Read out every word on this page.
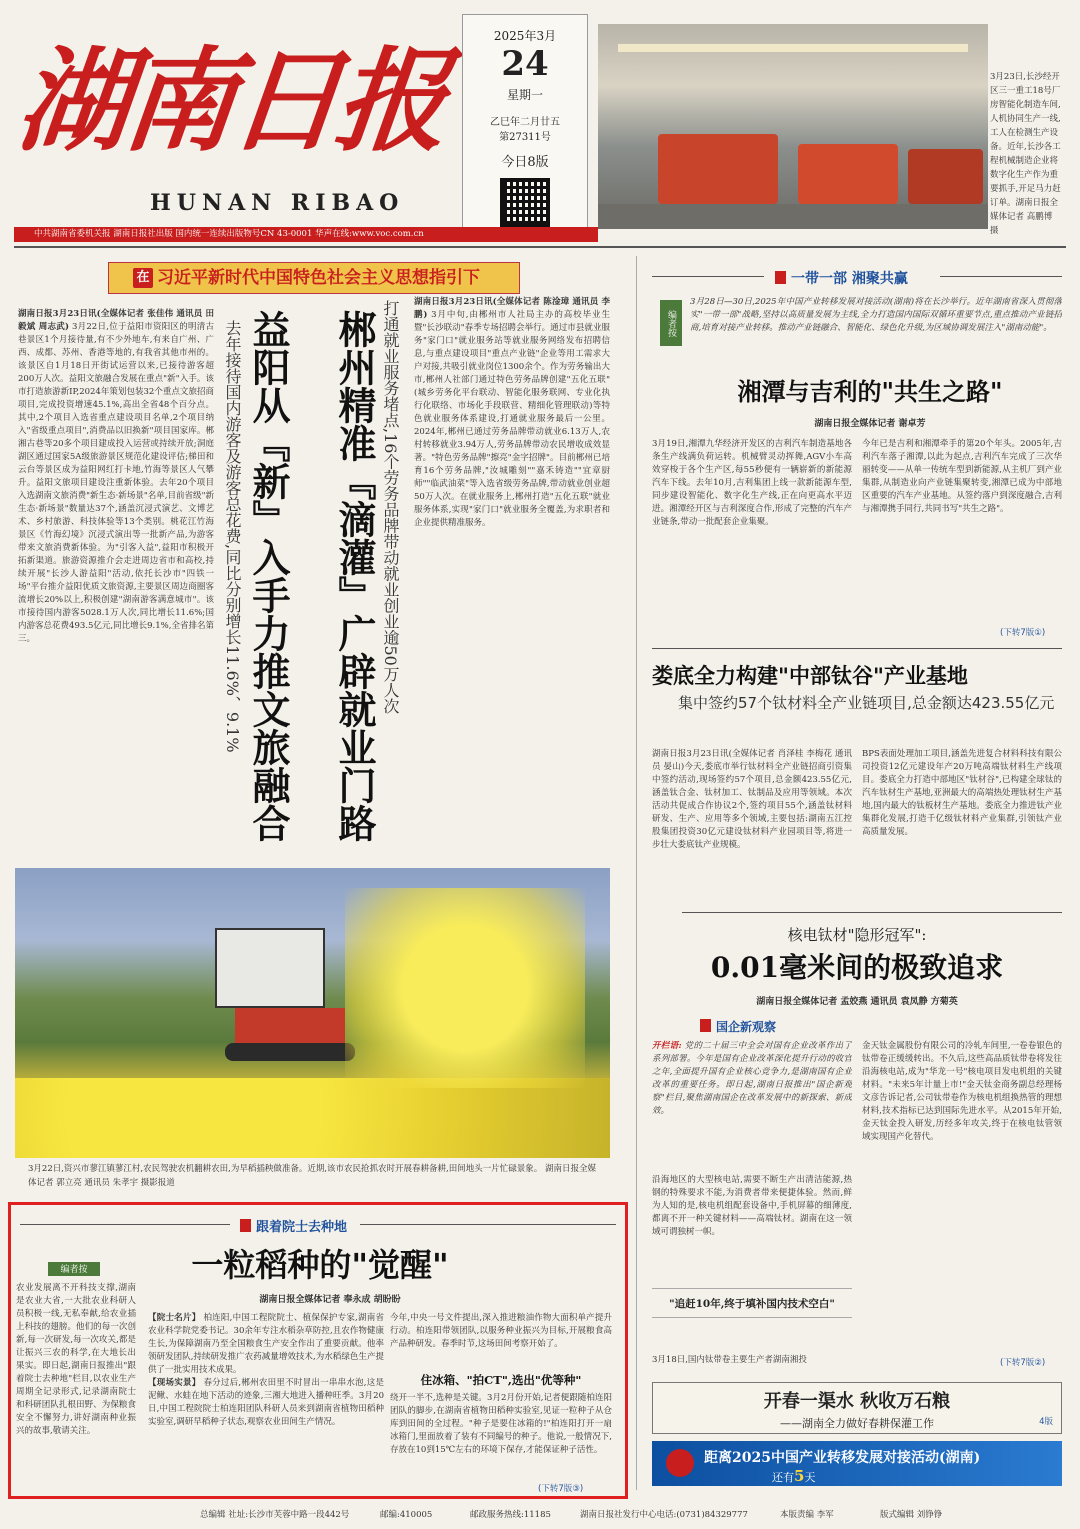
湖南日报
HUNAN RIBAO
2025年3月
24
星期一
乙巳年二月廿五
第27311号
今日8版
中共湖南省委机关报 湖南日报社出版 国内统一连续出版物号CN 43-0001 华声在线:www.voc.com.cn
3月23日,长沙经开区三一重工18号厂房智能化制造车间,人机协同生产一线,工人在检测生产设备。近年,长沙各工程机械制造企业将数字化生产作为重要抓手,开足马力赶订单。湖南日报全媒体记者 高鹏博 摄
在 习近平新时代中国特色社会主义思想指引下
湖南日报3月23日讯(全媒体记者 张佳伟 通讯员 田毅斌 周志武) 3月22日,位于益阳市资阳区的明清古巷景区1个月接待量,有不少外地车,有来自广州、广西、成都、苏州、香港等地的,有我省其他市州的。该景区自1月18日开街试运营以来,已接待游客超200万人次。益阳文旅融合发展在重点"新"入手。该市打造旅游新IP,2024年策划包装32个重点文旅招商项目,完成投资增速45.1%,高出全省48个百分点。其中,2个项目入选省重点建设项目名单,2个项目纳入"省级重点项目",消费品以旧换新"项目国家库。郴湘古巷等20多个项目建成投入运营或持续开放;洞庭湖区通过国家5A级旅游景区规范化建设评估;梯田和云台等景区成为益阳网红打卡地,竹海等景区人气攀升。益阳文旅项目建设注重新体验。去年20个项目入选湖南文旅消费"新生态·新场景"名单,目前省级"新生态·新场景"数量达37个,涵盖沉浸式演艺、文博艺术、乡村旅游、科技体验等13个类别。桃花江竹海景区《竹海幻境》沉浸式演出等一批新产品,为游客带来文旅消费新体验。为"引客入益",益阳市积极开拓新渠道。旅游资源推介会走进周边省市和高校,持续开展"长沙人游益阳"活动,依托长沙市"四铁一场"平台推介益阳优质文旅资源,主要景区周边商圈客流增长20%以上,积极创建"湖南游客满意城市"。该市接待国内游客5028.1万人次,同比增长11.6%;国内游客总花费493.5亿元,同比增长9.1%,全省排名第三。	益阳从『新』入手力推文旅融合
去年接待国内游客及游客总花费,同比分别增长11.6%、9.1% 郴州精准『滴灌』广辟就业门路 打通就业服务堵点,16个劳务品牌带动就业创业逾50万人次 湖南日报3月23日讯(全媒体记者 陈淦璋 通讯员 李鹏) 3月中旬,由郴州市人社局主办的高校毕业生暨"长沙联动"春季专场招聘会举行。通过市县就业服务"家门口"就业服务站等就业服务网络发布招聘信息,与重点建设项目"重点产业链"企业等用工需求大户对接,共吸引就业岗位1300余个。作为劳务输出大市,郴州人社部门通过特色劳务品牌创建"五化五联"(城乡劳务化平台联动、智能化服务联网、专业化执行化联络、市场化手段联营、精细化管理联动)等特色就业服务体系建设,打通就业服务最后一公里。2024年,郴州已通过劳务品牌带动就业6.13万人,农村转移就业3.94万人,劳务品牌带动农民增收成效显著。"特色劳务品牌"擦亮"金字招牌"。目前郴州已培育16个劳务品牌,"汝城雕刻""嘉禾铸造""宜章厨师""临武油菜"等入选省级劳务品牌,带动就业创业超50万人次。在就业服务上,郴州打造"五化五联"就业服务体系,实现"家门口"就业服务全覆盖,为求职者和企业提供精准服务。
3月22日,资兴市蓼江镇蓼江村,农民驾驶农机翻耕农田,为早稻插秧做准备。近期,该市农民抢抓农时开展春耕备耕,田间地头一片忙碌景象。 湖南日报全媒体记者 郭立亮 通讯员 朱孝宇 摄影报道
跟着院士去种地
一粒稻种的"觉醒"
湖南日报全媒体记者 奉永成 胡盼盼
编者按
农业发展离不开科技支撑,湖南是农业大省,一大批农业科研人员积极一线,无私奉献,给农业插上科技的翅膀。他们的每一次创新,每一次研发,每一次攻关,都是让振兴三农的科学,在大地长出果实。即日起,湖南日报推出"跟着院士去种地"栏目,以农业生产周期全记录形式,记录湖南院士和科研团队扎根田野、为保粮食安全不懈努力,讲好湖南种业振兴的故事,敬请关注。
【院士名片】 柏连阳,中国工程院院士、植保保护专家,湖南省农业科学院党委书记。30余年专注水稻杂草防控,且农作物健康生长,为保障湖南乃至全国粮食生产安全作出了重要贡献。他率领研发团队,持续研发推广农药减量增效技术,为水稻绿色生产提供了一批实用技术成果。
【现场实景】 春分过后,郴州农田里不时冒出一串串水泡,这是泥鳅、水蛙在地下活动的迹象,三湘大地进入播种旺季。3月20日,中国工程院院士柏连阳团队科研人员来到湖南省植物田稻种实验室,调研早稻种子状态,观察农业田间生产情况。
今年,中央一号文件提出,深入推进粮油作物大面积单产提升行动。柏连阳带领团队,以服务种业振兴为目标,开展粮食高产品种研发。春季时节,这场田间考察开始了。
住冰箱、"拍CT",选出"优等种"
绕开一半不,选种是关键。3月2月份开始,记者便跟随柏连阳团队的脚步,在湖南省植物田稻种实验室,见证一粒种子从仓库到田间的全过程。"种子是要住冰箱的!"柏连阳打开一扇冰箱门,里面放着了装有不同编号的种子。他说,一般情况下,存放在10到15℃左右的环境下保存,才能保证种子活性。
(下转7版③)
一带一部 湘聚共赢
编者按
3月28日—30日,2025年中国产业转移发展对接活动(湖南)将在长沙举行。近年湖南省深入贯彻落实"一带一部"战略,坚持以高质量发展为主线,全力打造国内国际双循环重要节点,重点推动产业链招商,培育对接产业转移。推动产业链融合、智能化、绿色化升级,为区域协调发展注入"湖南动能"。
湘潭与吉利的"共生之路"
湖南日报全媒体记者 谢卓芳
3月19日,湘潭九华经济开发区的吉利汽车制造基地各条生产线满负荷运转。机械臂灵动挥舞,AGV小车高效穿梭于各个生产区,每55秒便有一辆崭新的新能源汽车下线。去年10月,吉利集团上线一款新能源车型,同步建设智能化、数字化生产线,正在向更高水平迈进。湘潭经开区与吉利深度合作,形成了完整的汽车产业链条,带动一批配套企业集聚。
今年已是吉利和湘潭牵手的第20个年头。2005年,吉利汽车落子湘潭,以此为起点,吉利汽车完成了三次华丽转变——从单一传统车型到新能源,从主机厂到产业集群,从制造业向产业链集聚转变,湘潭已成为中部地区重要的汽车产业基地。从签约落户到深度融合,吉利与湘潭携手同行,共同书写"共生之路"。
(下转7版①)
娄底全力构建"中部钛谷"产业基地
集中签约57个钛材料全产业链项目,总金额达423.55亿元
湖南日报3月23日讯(全媒体记者 肖泽桂 李梅花 通讯员 晏山)今天,娄底市举行钛材料全产业链招商引资集中签约活动,现场签约57个项目,总金额423.55亿元,涵盖钛合金、钛材加工、钛制品及应用等领域。本次活动共促成合作协议2个,签约项目55个,涵盖钛材料研发、生产、应用等多个领域,主要包括:湖南五江控股集团投资30亿元建设钛材料产业园项目等,将进一步壮大娄底钛产业规模。
BPS表面处理加工项目,涵盖先进复合材料科技有限公司投资12亿元建设年产20万吨高端钛材料生产线项目。娄底全力打造中部地区"钛材谷",已构建全球钛的汽车钛材生产基地,亚洲最大的高端热处理钛材生产基地,国内最大的钛板材生产基地。娄底全力推进钛产业集群化发展,打造千亿级钛材料产业集群,引领钛产业高质量发展。
核电钛材"隐形冠军":
0.01毫米间的极致追求
湖南日报全媒体记者 孟姣燕 通讯员 袁凤静 方菊英
国企新观察
开栏语: 党的二十届三中全会对国有企业改革作出了系列部署。今年是国有企业改革深化提升行动的收官之年,全面提升国有企业核心竞争力,是湖南国有企业改革的重要任务。即日起,湖南日报推出"国企新观察"栏目,聚焦湖南国企在改革发展中的新探索、新成效。
沿海地区的大型核电站,需要不断生产出清洁能源,热钢的特殊要求不能,为消费者带来便捷体验。然而,鲜为人知的是,核电机组配套设备中,手机屏幕的细薄度,都离不开一种关键材料——高端钛材。湖南在这一领域可谓独树一帜。
"追赶10年,终于填补国内技术空白"
3月18日,国内钛带卷主要生产者湖南湘投
金天钛金属股份有限公司的冷轧车间里,一卷卷银色的钛带卷正缓缓转出。不久后,这些高品质钛带卷将发往沿海核电站,成为"华龙一号"核电项目发电机组的关键材料。"未来5年计量上市!"金天钛金商务副总经理杨文彦告诉记者,公司钛带卷作为核电机组换热管的理想材料,技术指标已达到国际先进水平。从2015年开始,金天钛金投入研发,历经多年攻关,终于在核电钛管领域实现国产化替代。
(下转7版②)
开春一渠水 秋收万石粮
——湖南全力做好春耕保灌工作	4版
距离2025中国产业转移发展对接活动(湖南)
还有5天
总编辑 社址:长沙市芙蓉中路一段442号	邮编:410005	邮政服务热线:11185	湖南日报社发行中心电话:(0731)84329777	本版责编 李军	版式编辑 刘铮铮
